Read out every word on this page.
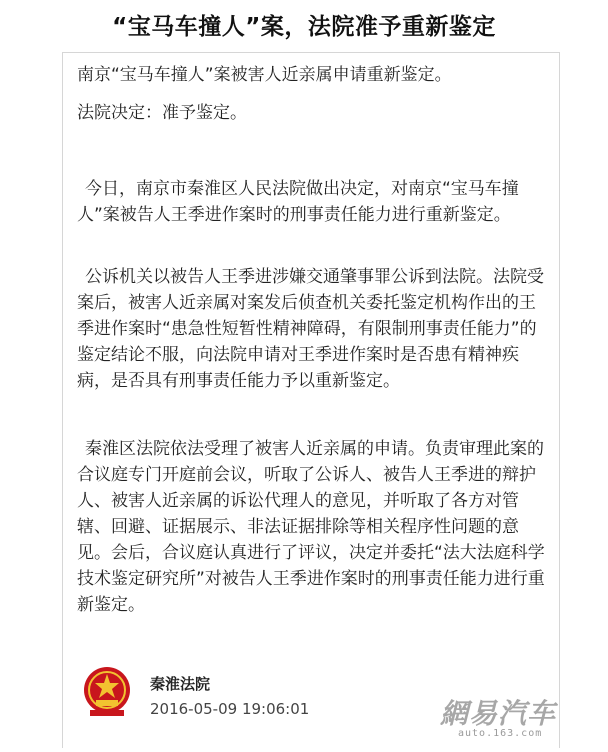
“宝马车撞人”案，法院准予重新鉴定

南京“宝马车撞人”案被害人近亲属申请重新鉴定。

法院决定：准予鉴定。

今日，南京市秦淮区人民法院做出决定，对南京“宝马车撞人”案被告人王季进作案时的刑事责任能力进行重新鉴定。

公诉机关以被告人王季进涉嫌交通肇事罪公诉到法院。法院受案后，被害人近亲属对案发后侦查机关委托鉴定机构作出的王季进作案时“患急性短暂性精神障碍，有限制刑事责任能力”的鉴定结论不服，向法院申请对王季进作案时是否患有精神疾病，是否具有刑事责任能力予以重新鉴定。

秦淮区法院依法受理了被害人近亲属的申请。负责审理此案的合议庭专门开庭前会议，听取了公诉人、被告人王季进的辩护人、被害人近亲属的诉讼代理人的意见，并听取了各方对管辖、回避、证据展示、非法证据排除等相关程序性问题的意见。会后，合议庭认真进行了评议，决定并委托“法大法庭科学技术鉴定研究所”对被告人王季进作案时的刑事责任能力进行重新鉴定。

秦淮法院
2016-05-09 19:06:01	網易汽车
auto.163.com
